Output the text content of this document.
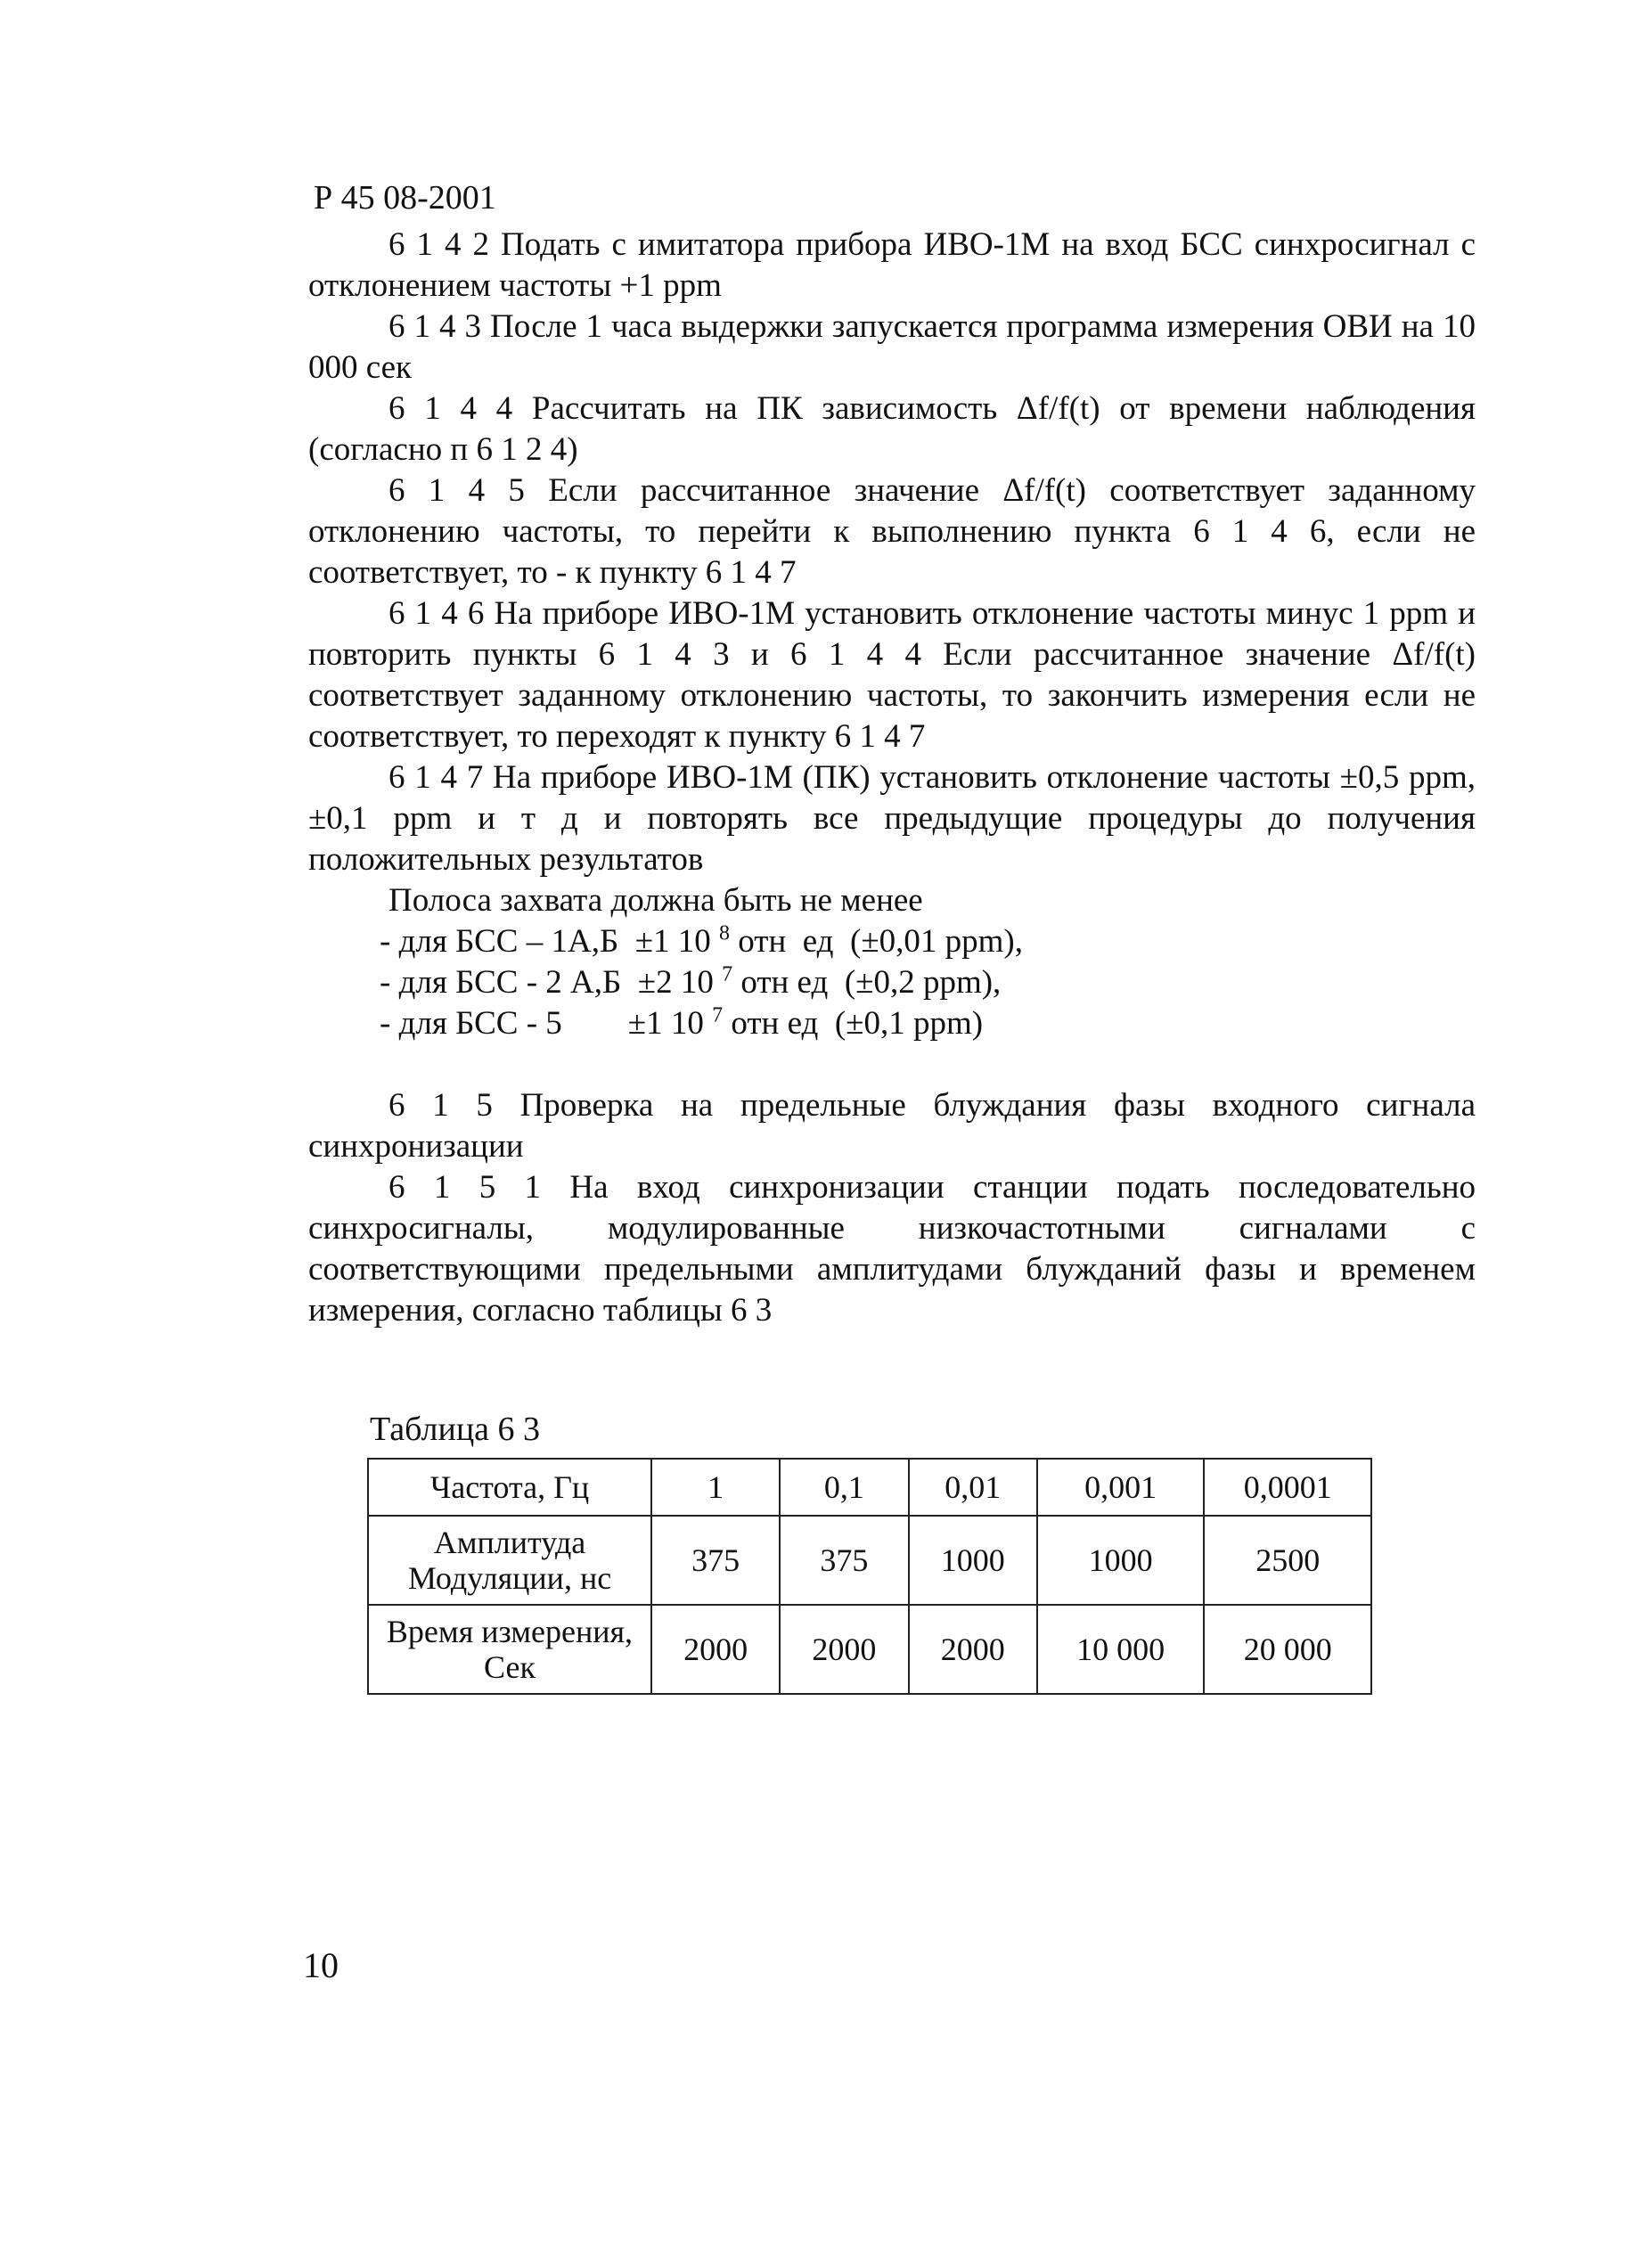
Р 45 08-2001

6 1 4 2 Подать с имитатора прибора ИВО-1М на вход БСС синхросигнал с отклонением частоты +1 ppm

6 1 4 3 После 1 часа выдержки запускается программа измерения ОВИ на 10 000 сек

6 1 4 4 Рассчитать на ПК зависимость Δf/f(t) от времени наблюдения (согласно п 6 1 2 4)

6 1 4 5 Если рассчитанное значение Δf/f(t) соответствует заданному отклонению частоты, то перейти к выполнению пункта 6 1 4 6, если не соответствует, то - к пункту 6 1 4 7

6 1 4 6 На приборе ИВО-1М установить отклонение частоты минус 1 ppm и повторить пункты 6 1 4 3 и 6 1 4 4 Если рассчитанное значение Δf/f(t) соответствует заданному отклонению частоты, то закончить измерения если не соответствует, то переходят к пункту 6 1 4 7

6 1 4 7 На приборе ИВО-1М (ПК) установить отклонение частоты ±0,5 ppm, ±0,1 ppm и т д и повторять все предыдущие процедуры до получения положительных результатов

Полоса захвата должна быть не менее

- для БСС – 1А,Б  ±1 10 $^8$ отн  ед  (±0,01 ppm),
- для БСС - 2 А,Б  ±2 10 $^7$ отн ед  (±0,2 ppm),
- для БСС - 5        ±1 10 $^7$ отн ед  (±0,1 ppm)

6 1 5 Проверка на предельные блуждания фазы входного сигнала синхронизации

6 1 5 1 На вход синхронизации станции подать последовательно синхросигналы, модулированные низкочастотными сигналами с соответствующими предельными амплитудами блужданий фазы и временем измерения, согласно таблицы 6 3

Таблица 6 3
Частота, Гц	1	0,1	0,01	0,001	0,0001
Амплитуда Модуляции, нс	375	375	1000	1000	2500
Время измерения, Сек	2000	2000	2000	10 000	20 000
10
